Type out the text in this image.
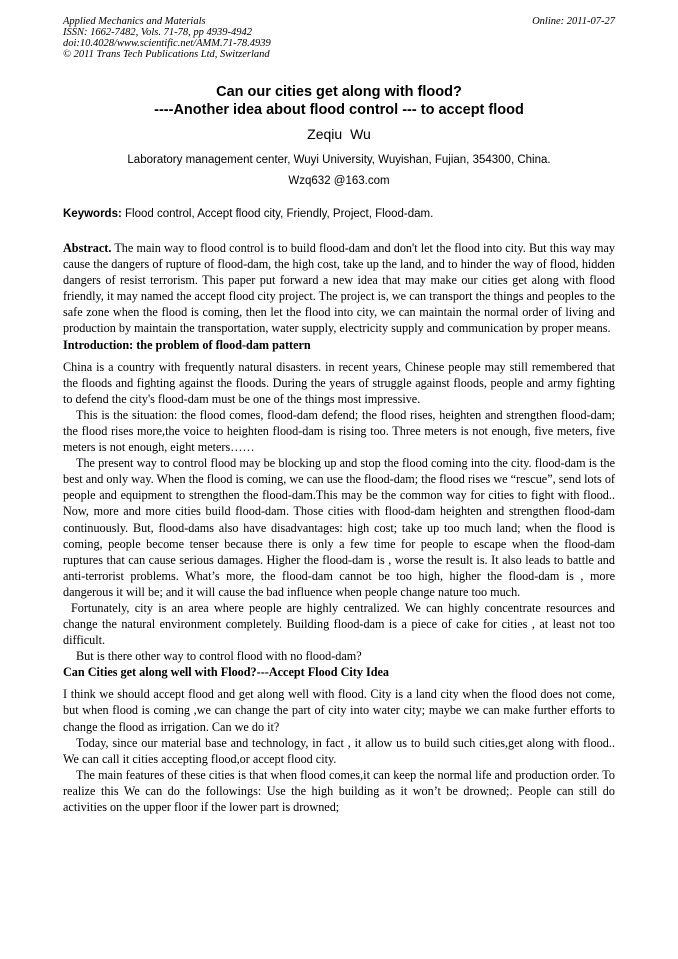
Applied Mechanics and Materials
ISSN: 1662-7482, Vols. 71-78, pp 4939-4942
doi:10.4028/www.scientific.net/AMM.71-78.4939
© 2011 Trans Tech Publications Ltd, Switzerland
Online: 2011-07-27
Can our cities get along with flood?
----Another idea about flood control --- to accept flood
Zeqiu Wu
Laboratory management center, Wuyi University, Wuyishan, Fujian, 354300, China.
Wzq632 @163.com
Keywords: Flood control, Accept flood city, Friendly, Project, Flood-dam.
Abstract. The main way to flood control is to build flood-dam and don't let the flood into city. But this way may cause the dangers of rupture of flood-dam, the high cost, take up the land, and to hinder the way of flood, hidden dangers of resist terrorism. This paper put forward a new idea that may make our cities get along with flood friendly, it may named the accept flood city project. The project is, we can transport the things and peoples to the safe zone when the flood is coming, then let the flood into city, we can maintain the normal order of living and production by maintain the transportation, water supply, electricity supply and communication by proper means.
Introduction: the problem of flood-dam pattern

China is a country with frequently natural disasters. in recent years, Chinese people may still remembered that the floods and fighting against the floods. During the years of struggle against floods, people and army fighting to defend the city's flood-dam must be one of the things most impressive.

This is the situation: the flood comes, flood-dam defend; the flood rises, heighten and strengthen flood-dam; the flood rises more,the voice to heighten flood-dam is rising too. Three meters is not enough, five meters, five meters is not enough, eight meters……

The present way to control flood may be blocking up and stop the flood coming into the city. flood-dam is the best and only way. When the flood is coming, we can use the flood-dam; the flood rises we “rescue”, send lots of people and equipment to strengthen the flood-dam.This may be the common way for cities to fight with flood.. Now, more and more cities build flood-dam. Those cities with flood-dam heighten and strengthen flood-dam continuously. But, flood-dams also have disadvantages: high cost; take up too much land; when the flood is coming, people become tenser because there is only a few time for people to escape when the flood-dam ruptures that can cause serious damages. Higher the flood-dam is , worse the result is. It also leads to battle and anti-terrorist problems. What’s more, the flood-dam cannot be too high, higher the flood-dam is , more dangerous it will be; and it will cause the bad influence when people change nature too much.

Fortunately, city is an area where people are highly centralized. We can highly concentrate resources and change the natural environment completely. Building flood-dam is a piece of cake for cities , at least not too difficult.

But is there other way to control flood with no flood-dam?

Can Cities get along well with Flood?---Accept Flood City Idea

I think we should accept flood and get along well with flood. City is a land city when the flood does not come, but when flood is coming ,we can change the part of city into water city; maybe we can make further efforts to change the flood as irrigation. Can we do it?

Today, since our material base and technology, in fact , it allow us to build such cities,get along with flood.. We can call it cities accepting flood,or accept flood city.

The main features of these cities is that when flood comes,it can keep the normal life and production order. To realize this We can do the followings: Use the high building as it won’t be drowned;. People can still do activities on the upper floor if the lower part is drowned;
